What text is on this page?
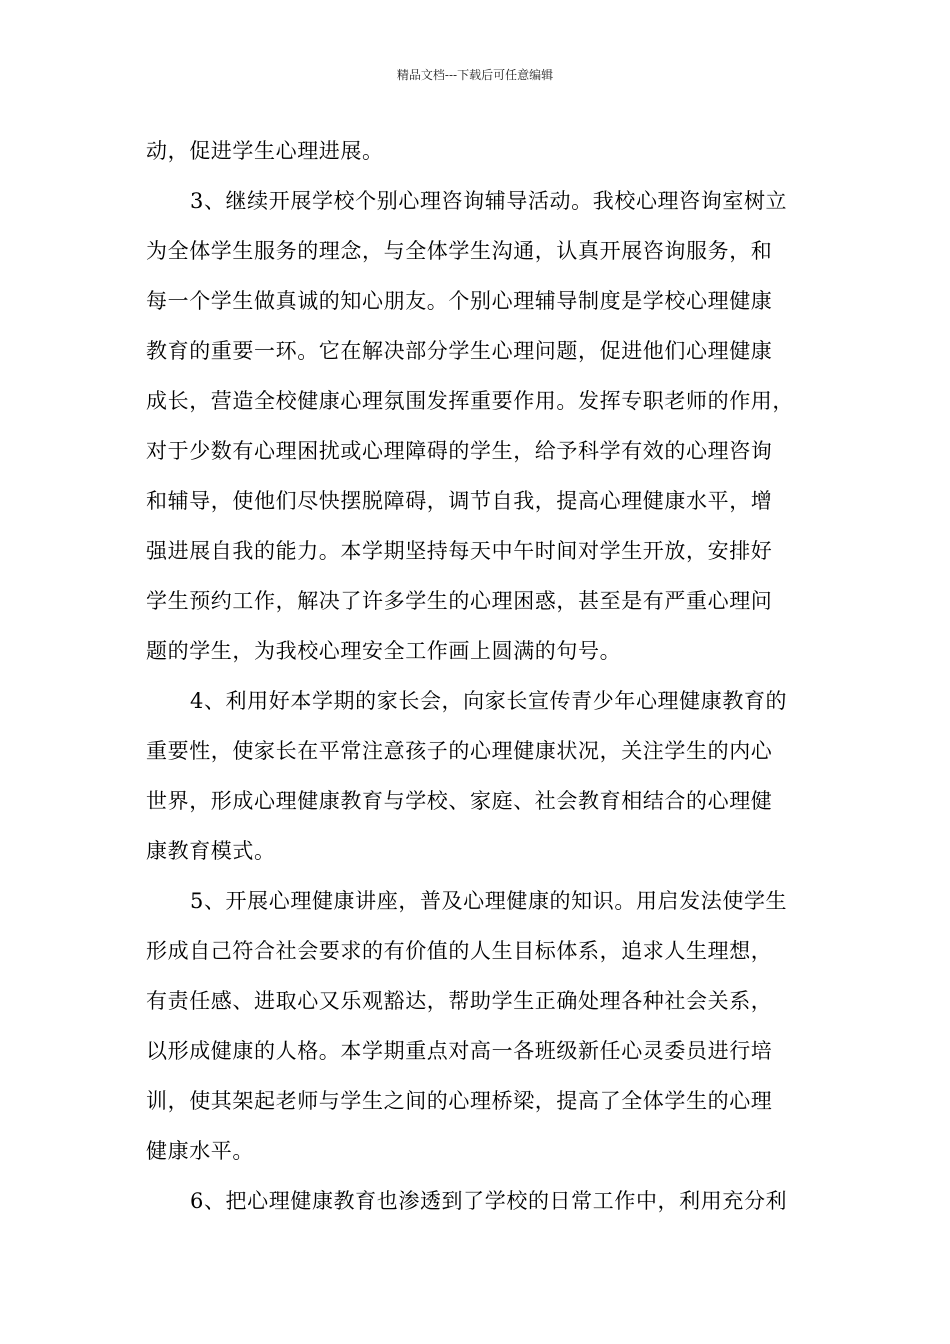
精品文档---下载后可任意编辑
动，促进学生心理进展。
3、继续开展学校个别心理咨询辅导活动。我校心理咨询室树立
为全体学生服务的理念，与全体学生沟通，认真开展咨询服务，和
每一个学生做真诚的知心朋友。个别心理辅导制度是学校心理健康
教育的重要一环。它在解决部分学生心理问题，促进他们心理健康
成长，营造全校健康心理氛围发挥重要作用。发挥专职老师的作用，
对于少数有心理困扰或心理障碍的学生，给予科学有效的心理咨询
和辅导，使他们尽快摆脱障碍，调节自我，提高心理健康水平，增
强进展自我的能力。本学期坚持每天中午时间对学生开放，安排好
学生预约工作，解决了许多学生的心理困惑，甚至是有严重心理问
题的学生，为我校心理安全工作画上圆满的句号。
4、利用好本学期的家长会，向家长宣传青少年心理健康教育的
重要性，使家长在平常注意孩子的心理健康状况，关注学生的内心
世界，形成心理健康教育与学校、家庭、社会教育相结合的心理健
康教育模式。
5、开展心理健康讲座，普及心理健康的知识。用启发法使学生
形成自己符合社会要求的有价值的人生目标体系，追求人生理想，
有责任感、进取心又乐观豁达，帮助学生正确处理各种社会关系，
以形成健康的人格。本学期重点对高一各班级新任心灵委员进行培
训，使其架起老师与学生之间的心理桥梁，提高了全体学生的心理
健康水平。
6、把心理健康教育也渗透到了学校的日常工作中，利用充分利
